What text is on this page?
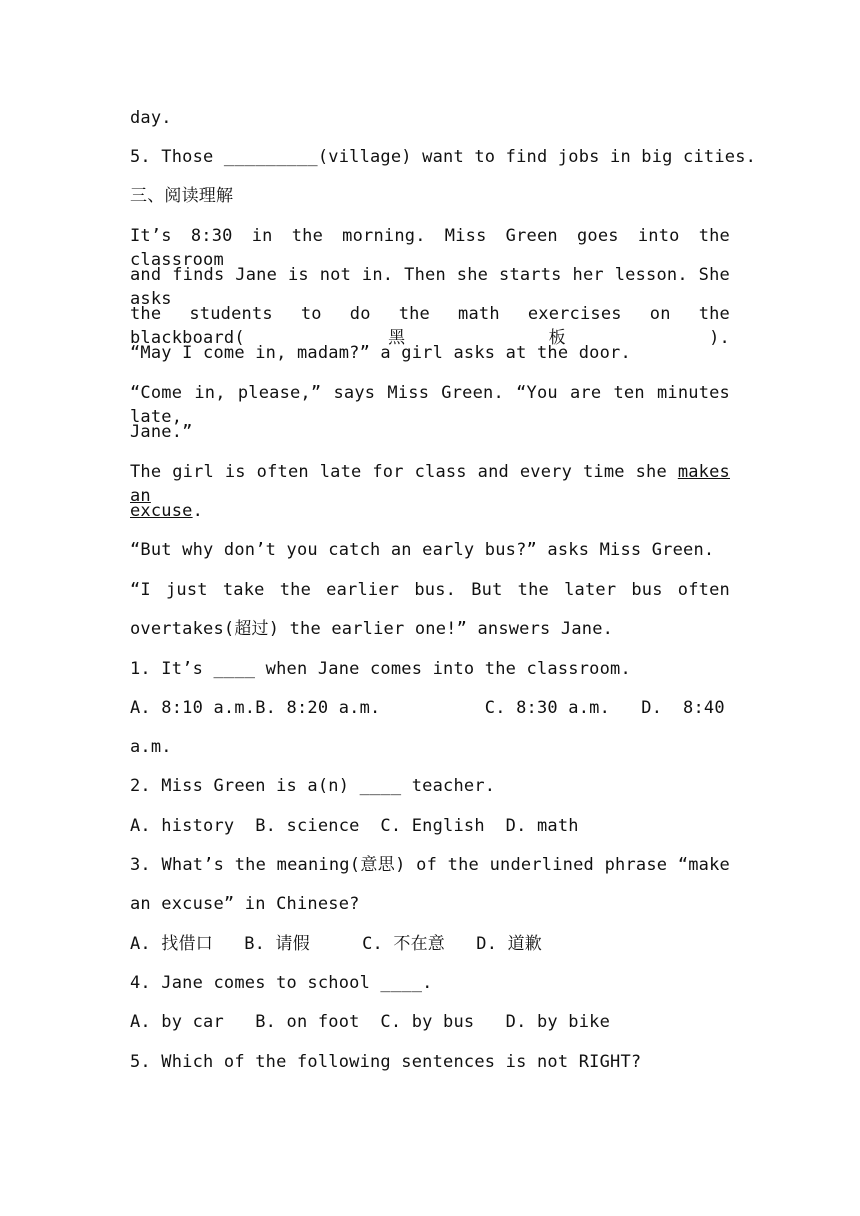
day.
5. Those _________(village) want to find jobs in big cities.
三、阅读理解
It’s 8:30 in the morning. Miss Green goes into the classroom
and finds Jane is not in. Then she starts her lesson. She asks
the students to do the math exercises on the blackboard(黑板).
“May I come in, madam?” a girl asks at the door.
“Come in, please,” says Miss Green. “You are ten minutes late,
Jane.”
The girl is often late for class and every time she makes an
excuse.
“But why don’t you catch an early bus?” asks Miss Green.
“I just take the earlier bus. But the later bus often
overtakes(超过) the earlier one!” answers Jane.
1. It’s ____ when Jane comes into the classroom.
A. 8:10 a.m.B. 8:20 a.m.          C. 8:30 a.m.   D.  8:40
a.m.
2. Miss Green is a(n) ____ teacher.
A. history  B. science  C. English  D. math
3. What’s the meaning(意思) of the underlined phrase “make
an excuse” in Chinese?
A. 找借口   B. 请假     C. 不在意   D. 道歉
4. Jane comes to school ____.
A. by car   B. on foot  C. by bus   D. by bike
5. Which of the following sentences is not RIGHT?
